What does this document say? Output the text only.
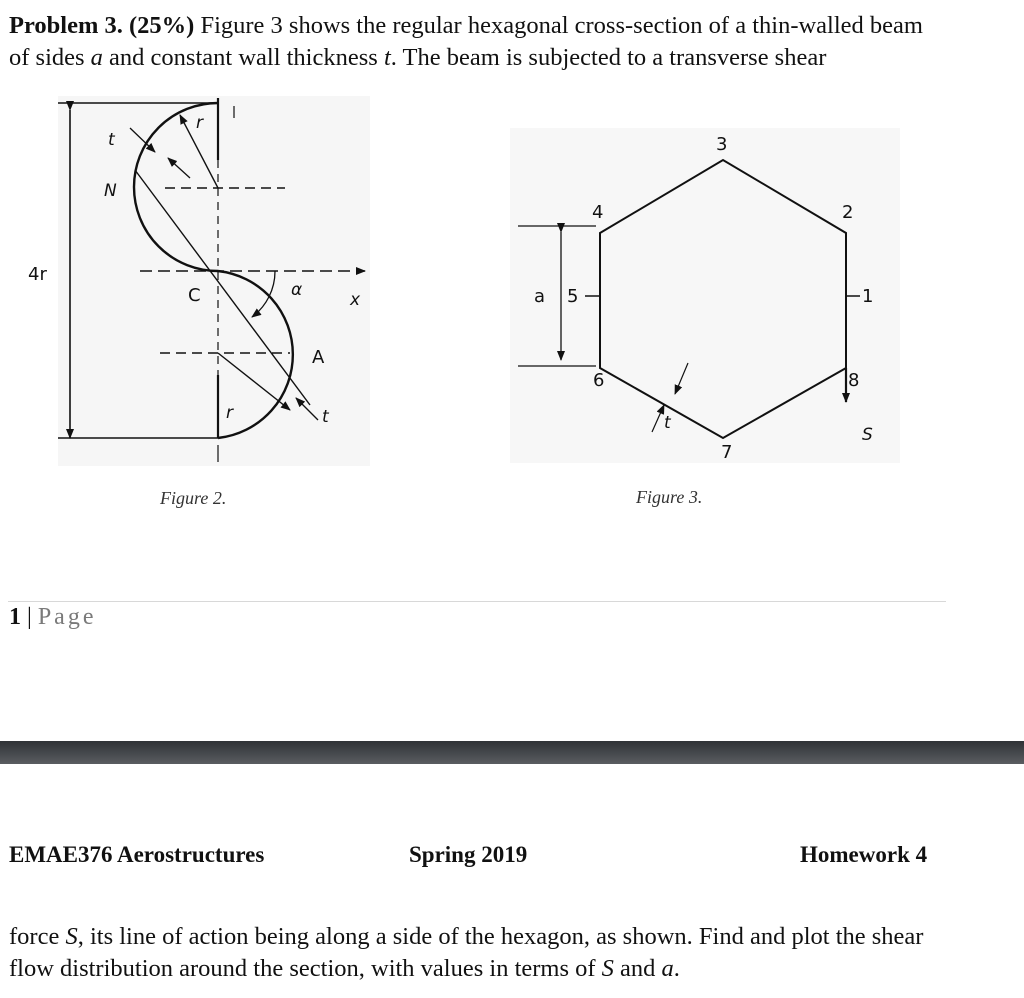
Problem 3. (25%) Figure 3 shows the regular hexagonal cross-section of a thin-walled beam of sides a and constant wall thickness t. The beam is subjected to a transverse shear

t
r
N
4r
C	α	x
A
r	t
3
2
4
5	1
6
7
8
a
t
S
Figure 2.	Figure 3.
1 | Page
EMAE376 Aerostructures	Spring 2019	Homework 4

force S, its line of action being along a side of the hexagon, as shown. Find and plot the shear flow distribution around the section, with values in terms of S and a.
